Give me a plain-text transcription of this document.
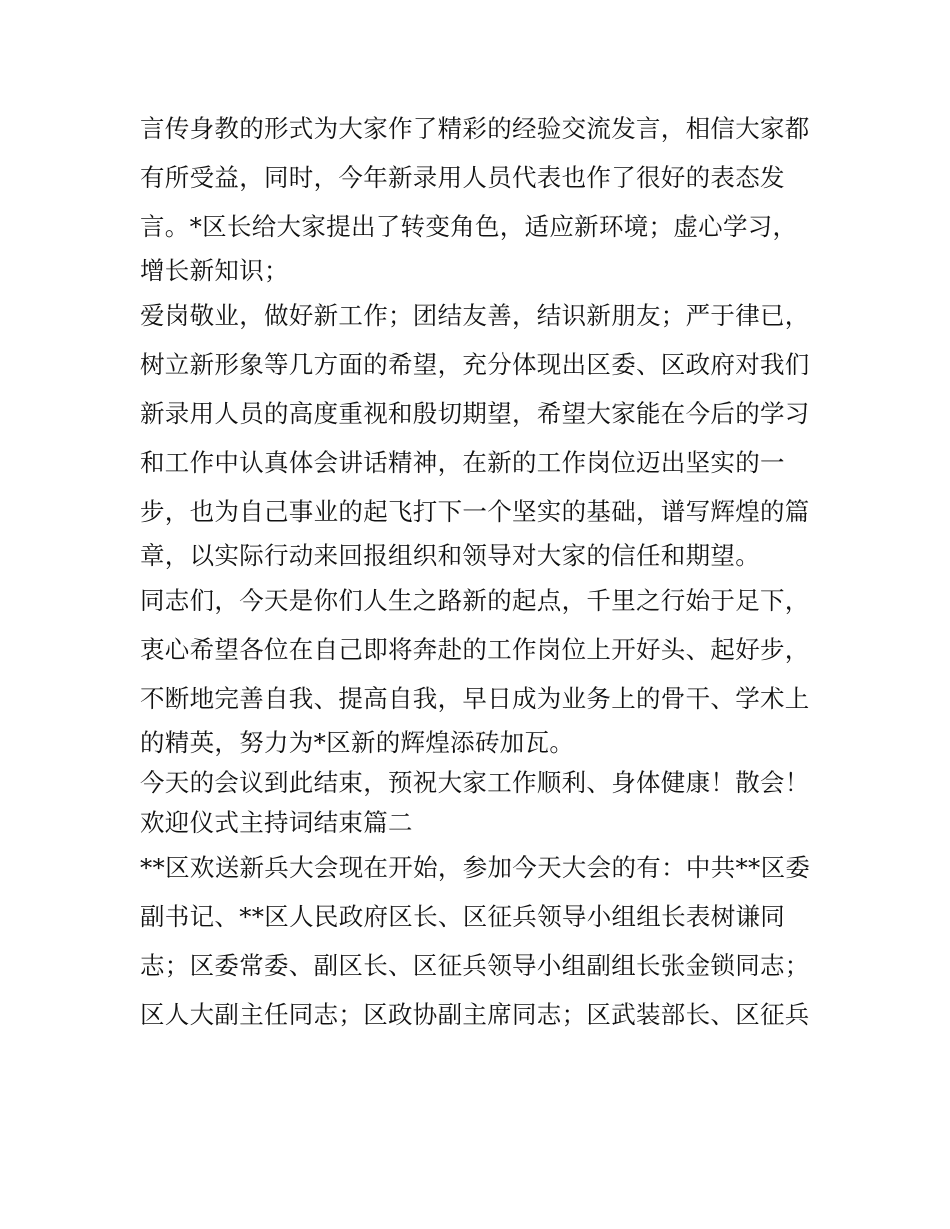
言传身教的形式为大家作了精彩的经验交流发言，相信大家都
有所受益，同时，今年新录用人员代表也作了很好的表态发
言。*区长给大家提出了转变角色，适应新环境；虚心学习，
增长新知识；
爱岗敬业，做好新工作；团结友善，结识新朋友；严于律已，
树立新形象等几方面的希望，充分体现出区委、区政府对我们
新录用人员的高度重视和殷切期望，希望大家能在今后的学习
和工作中认真体会讲话精神，在新的工作岗位迈出坚实的一
步，也为自己事业的起飞打下一个坚实的基础，谱写辉煌的篇
章，以实际行动来回报组织和领导对大家的信任和期望。
同志们，今天是你们人生之路新的起点，千里之行始于足下，
衷心希望各位在自己即将奔赴的工作岗位上开好头、起好步，
不断地完善自我、提高自我，早日成为业务上的骨干、学术上
的精英，努力为*区新的辉煌添砖加瓦。
今天的会议到此结束，预祝大家工作顺利、身体健康！散会！
欢迎仪式主持词结束篇二
**区欢送新兵大会现在开始，参加今天大会的有：中共**区委
副书记、**区人民政府区长、区征兵领导小组组长表树谦同
志；区委常委、副区长、区征兵领导小组副组长张金锁同志；
区人大副主任同志；区政协副主席同志；区武装部长、区征兵
